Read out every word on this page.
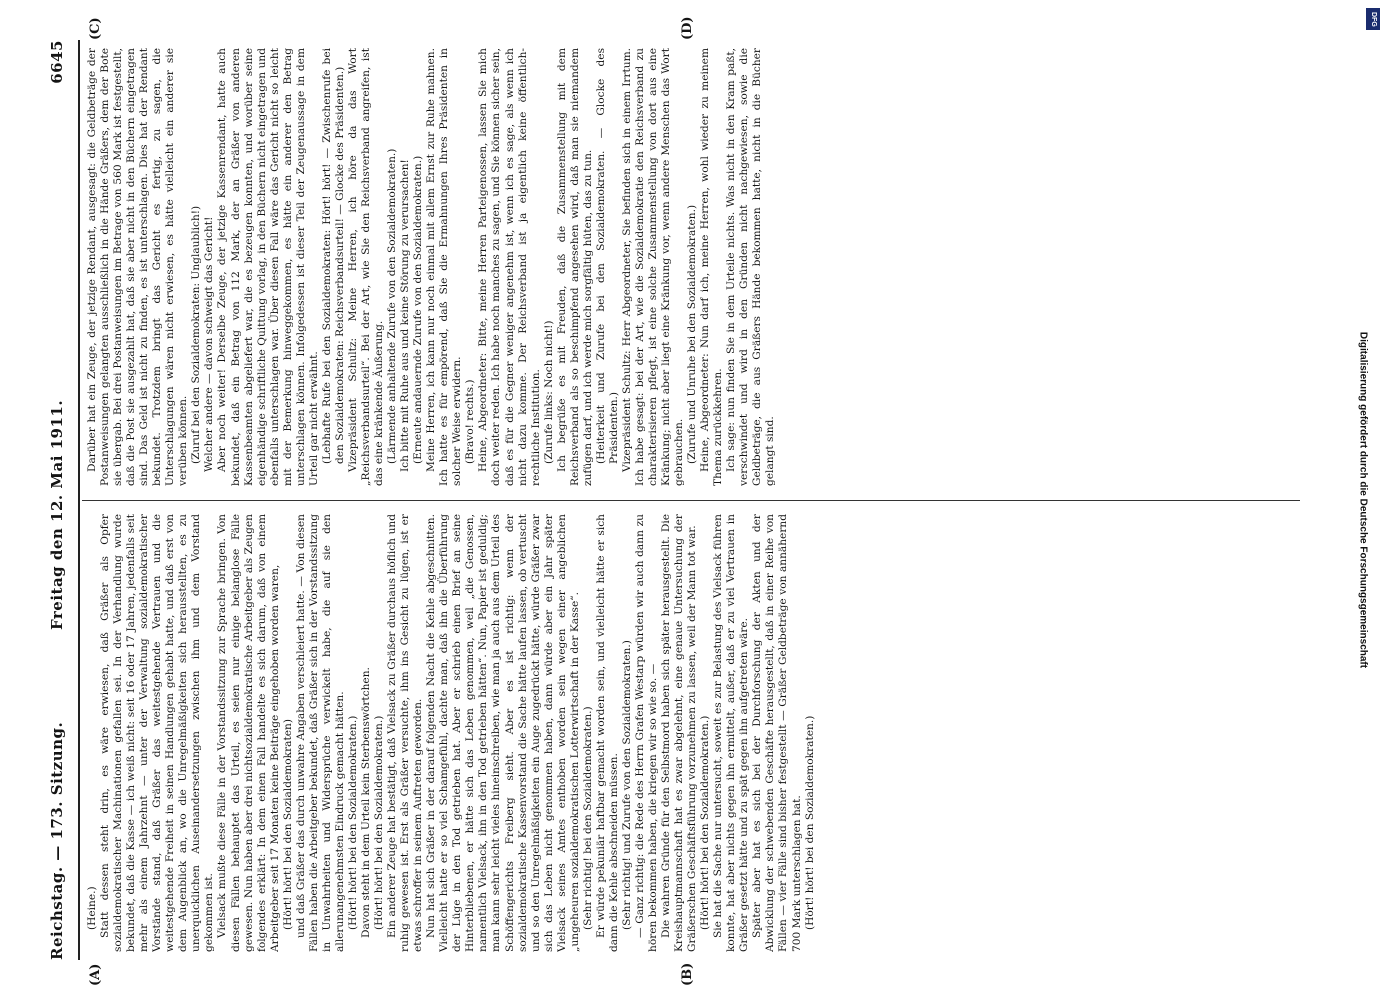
Reichstag. — 173. Sitzung.
Freitag den 12. Mai 1911.
6645
(A)	(B)
(C)	(D)

(Heine.) Statt dessen steht drin, es wäre erwiesen, daß Gräßer als Opfer sozialdemokratischer Machinationen gefallen sei. In der Verhandlung wurde bekundet, daß die Kasse — ich weiß nicht: seit 16 oder 17 Jahren, jedenfalls seit mehr als einem Jahrzehnt — unter der Verwaltung sozialdemokratischer Vorstände stand, daß Gräßer das weitestgehende Vertrauen und die weitestgehende Freiheit in seinen Handlungen gehabt hatte, und daß erst von dem Augenblick an, wo die Unregelmäßigkeiten sich herausstellten, es zu unerquicklichen Auseinandersetzungen zwischen ihm und dem Vorstand gekommen ist. Vielsack mußte diese Fälle in der Vorstandssitzung zur Sprache bringen. Von diesen Fällen behauptet das Urteil, es seien nur einige belanglose Fälle gewesen. Nun haben aber drei nichtsozialdemokratische Arbeitgeber als Zeugen folgendes erklärt: In dem einen Fall handelte es sich darum, daß von einem Arbeitgeber seit 17 Monaten keine Beiträge eingehoben worden waren, (Hört! hört! bei den Sozialdemokraten) und daß Gräßer das durch unwahre Angaben verschleiert hatte. — Von diesen Fällen haben die Arbeitgeber bekundet, daß Gräßer sich in der Vorstandssitzung in Unwahrheiten und Widersprüche verwickelt habe, die auf sie den allerunangenehmsten Eindruck gemacht hätten. (Hört! hört! bei den Sozialdemokraten.) Davon steht in dem Urteil kein Sterbenswörtchen. (Hört! hört! bei den Sozialdemokraten.) Ein anderer Zeuge hat bestätigt, daß Vielsack zu Gräßer durchaus höflich und ruhig gewesen ist. Erst als Gräßer versuchte, ihm ins Gesicht zu lügen, ist er etwas schroffer in seinem Auftreten geworden. Nun hat sich Gräßer in der darauf folgenden Nacht die Kehle abgeschnitten. Vielleicht hatte er so viel Schamgefühl, dachte man, daß ihn die Überführung der Lüge in den Tod getrieben hat. Aber er schrieb einen Brief an seine Hinterbliebenen, er hätte sich das Leben genommen, weil „die Genossen, namentlich Vielsack, ihn in den Tod getrieben hätten“. Nun, Papier ist geduldig; man kann sehr leicht vieles hineinschreiben, wie man ja auch aus dem Urteil des Schöffengerichts Freiberg sieht. Aber es ist richtig: wenn der sozialdemokratische Kassenvorstand die Sache hätte laufen lassen, ob vertuscht und so den Unregelmäßigkeiten ein Auge zugedrückt hätte, würde Gräßer zwar sich das Leben nicht genommen haben, dann würde aber ein Jahr später Vielsack seines Amtes enthoben worden sein wegen einer angeblichen „ungeheuren sozialdemokratischen Lotterwirtschaft in der Kasse“. (Sehr richtig! bei den Sozialdemokraten.) Er würde pekuniär haftbar gemacht worden sein, und vielleicht hätte er sich dann die Kehle abschneiden müssen. (Sehr richtig! und Zurufe von den Sozialdemokraten.) — Ganz richtig: die Rede des Herrn Grafen Westarp würden wir auch dann zu hören bekommen haben, die kriegen wir so wie so. — Die wahren Gründe für den Selbstmord haben sich später herausgestellt. Die Kreishauptmannschaft hat es zwar abgelehnt, eine genaue Untersuchung der Gräßerschen Geschäftsführung vorzunehmen zu lassen, weil der Mann tot war. (Hört! hört! bei den Sozialdemokraten.) Sie hat die Sache nur untersucht, soweit es zur Belastung des Vielsack führen konnte, hat aber nichts gegen ihn ermittelt, außer, daß er zu viel Vertrauen in Gräßer gesetzt hätte und zu spät gegen ihn aufgetreten wäre. Später aber hat es sich bei der Durchforschung der Akten und der Abwicklung der schwebenden Geschäfte herausgestellt, daß in einer Reihe von Fällen — vier Fälle sind bisher festgestellt — Gräßer Geldbeträge von annähernd 700 Mark unterschlagen hat. (Hört! hört! bei den Sozialdemokraten.)

Darüber hat ein Zeuge, der jetzige Rendant, ausgesagt: die Geldbeträge der Postanweisungen gelangten ausschließlich in die Hände Gräßers, dem der Bote sie übergab. Bei drei Postanweisungen im Betrage von 560 Mark ist festgestellt, daß die Post sie ausgezahlt hat, daß sie aber nicht in den Büchern eingetragen sind. Das Geld ist nicht zu finden, es ist unterschlagen. Dies hat der Rendant bekundet. Trotzdem bringt das Gericht es fertig, zu sagen, die Unterschlagungen wären nicht erwiesen, es hätte vielleicht ein anderer sie verüben können. (Zuruf bei den Sozialdemokraten: Unglaublich!) Welcher andere — davon schweigt das Gericht! Aber noch weiter! Derselbe Zeuge, der jetzige Kassenrendant, hatte auch bekundet, daß ein Betrag von 112 Mark, der an Gräßer von anderen Kassenbeamten abgeliefert war, die es bezeugen konnten, und worüber seine eigenhändige schriftliche Quittung vorlag, in den Büchern nicht eingetragen und ebenfalls unterschlagen war. Über diesen Fall wäre das Gericht nicht so leicht mit der Bemerkung hinweggekommen, es hätte ein anderer den Betrag unterschlagen können. Infolgedessen ist dieser Teil der Zeugenaussage in dem Urteil gar nicht erwähnt. (Lebhafte Rufe bei den Sozialdemokraten: Hört! hört! — Zwischenrufe bei den Sozialdemokraten: Reichsverbandsurteil! — Glocke des Präsidenten.) Vizepräsident Schultz: Meine Herren, ich höre da das Wort „Reichsverbandsurteil“. Bei der Art, wie Sie den Reichsverband angreifen, ist das eine kränkende Äußerung. (Lärmende anhaltende Zurufe von den Sozialdemokraten.) Ich bitte mit Ruhe aus und keine Störung zu verursachen! (Erneute andauernde Zurufe von den Sozialdemokraten.) Meine Herren, ich kann nur noch einmal mit allem Ernst zur Ruhe mahnen. Ich hatte es für empörend, daß Sie die Ermahnungen Ihres Präsidenten in solcher Weise erwidern. (Bravo! rechts.) Heine, Abgeordneter: Bitte, meine Herren Parteigenossen, lassen Sie mich doch weiter reden. Ich habe noch manches zu sagen, und Sie können sicher sein, daß es für die Gegner weniger angenehm ist, wenn ich es sage, als wenn ich nicht dazu komme. Der Reichsverband ist ja eigentlich keine öffentlich-rechtliche Institution. (Zurufe links: Noch nicht!) Ich begrüße es mit Freuden, daß die Zusammenstellung mit dem Reichsverband als so beschimpfend angesehen wird, daß man sie niemandem zufügen darf, und ich werde mich sorgfältig hüten, das zu tun. (Heiterkeit und Zurufe bei den Sozialdemokraten. — Glocke des Präsidenten.) Vizepräsident Schultz: Herr Abgeordneter, Sie befinden sich in einem Irrtum. Ich habe gesagt: bei der Art, wie die Sozialdemokratie den Reichsverband zu charakterisieren pflegt, ist eine solche Zusammenstellung von dort aus eine Kränkung; nicht aber liegt eine Kränkung vor, wenn andere Menschen das Wort gebrauchen. (Zurufe und Unruhe bei den Sozialdemokraten.) Heine, Abgeordneter: Nun darf ich, meine Herren, wohl wieder zu meinem Thema zurückkehren. Ich sage: nun finden Sie in dem Urteile nichts. Was nicht in den Kram paßt, verschwindet und wird in den Gründen nicht nachgewiesen, sowie die Geldbeträge, die aus Gräßers Hände bekommen hatte, nicht in die Bücher gelangt sind.	Digitalisierung gefördert durch die Deutsche Forschungsgemeinschaft
DFG
